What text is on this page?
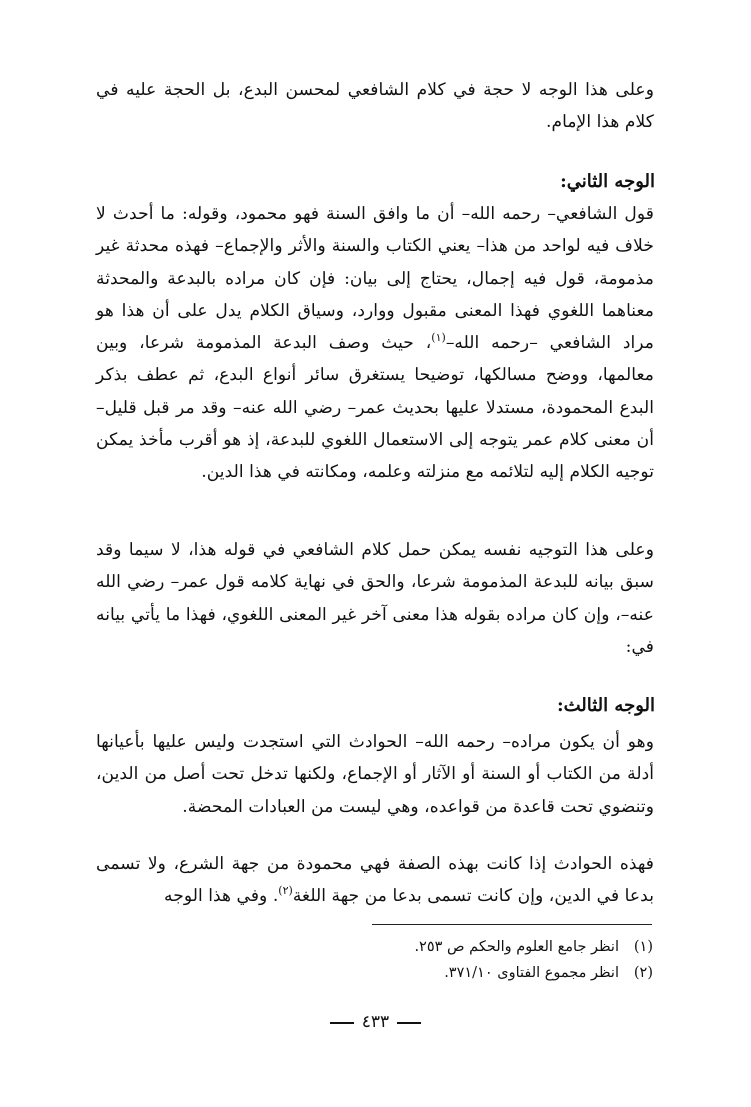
وعلى هذا الوجه لا حجة في كلام الشافعي لمحسن البدع، بل الحجة عليه في كلام هذا الإمام.

الوجه الثاني:

قول الشافعي– رحمه الله– أن ما وافق السنة فهو محمود، وقوله: ما أحدث لا خلاف فيه لواحد من هذا– يعني الكتاب والسنة والأثر والإجماع– فهذه محدثة غير مذمومة، قول فيه إجمال، يحتاج إلى بيان: فإن كان مراده بالبدعة والمحدثة معناهما اللغوي فهذا المعنى مقبول ووارد، وسياق الكلام يدل على أن هذا هو مراد الشافعي –رحمه الله–$^{(١)}$، حيث وصف البدعة المذمومة شرعا، وبين معالمها، ووضح مسالكها، توضيحا يستغرق سائر أنواع البدع، ثم عطف بذكر البدع المحمودة، مستدلا عليها بحديث عمر– رضي الله عنه– وقد مر قبل قليل– أن معنى كلام عمر يتوجه إلى الاستعمال اللغوي للبدعة، إذ هو أقرب مأخذ يمكن توجيه الكلام إليه لتلائمه مع منزلته وعلمه، ومكانته في هذا الدين.

وعلى هذا التوجيه نفسه يمكن حمل كلام الشافعي في قوله هذا، لا سيما وقد سبق بيانه للبدعة المذمومة شرعا، والحق في نهاية كلامه قول عمر– رضي الله عنه–، وإن كان مراده بقوله هذا معنى آخر غير المعنى اللغوي، فهذا ما يأتي بيانه في:

الوجه الثالث:

وهو أن يكون مراده– رحمه الله– الحوادث التي استجدت وليس عليها بأعيانها أدلة من الكتاب أو السنة أو الآثار أو الإجماع، ولكنها تدخل تحت أصل من الدين، وتنضوي تحت قاعدة من قواعده، وهي ليست من العبادات المحضة.

فهذه الحوادث إذا كانت بهذه الصفة فهي محمودة من جهة الشرع، ولا تسمى بدعا في الدين، وإن كانت تسمى بدعا من جهة اللغة$^{(٢)}$. وفي هذا الوجه

(١)انظر جامع العلوم والحكم ص ٢٥٣.

(٢)انظر مجموع الفتاوى ٣٧١/١٠.

٤٣٣
